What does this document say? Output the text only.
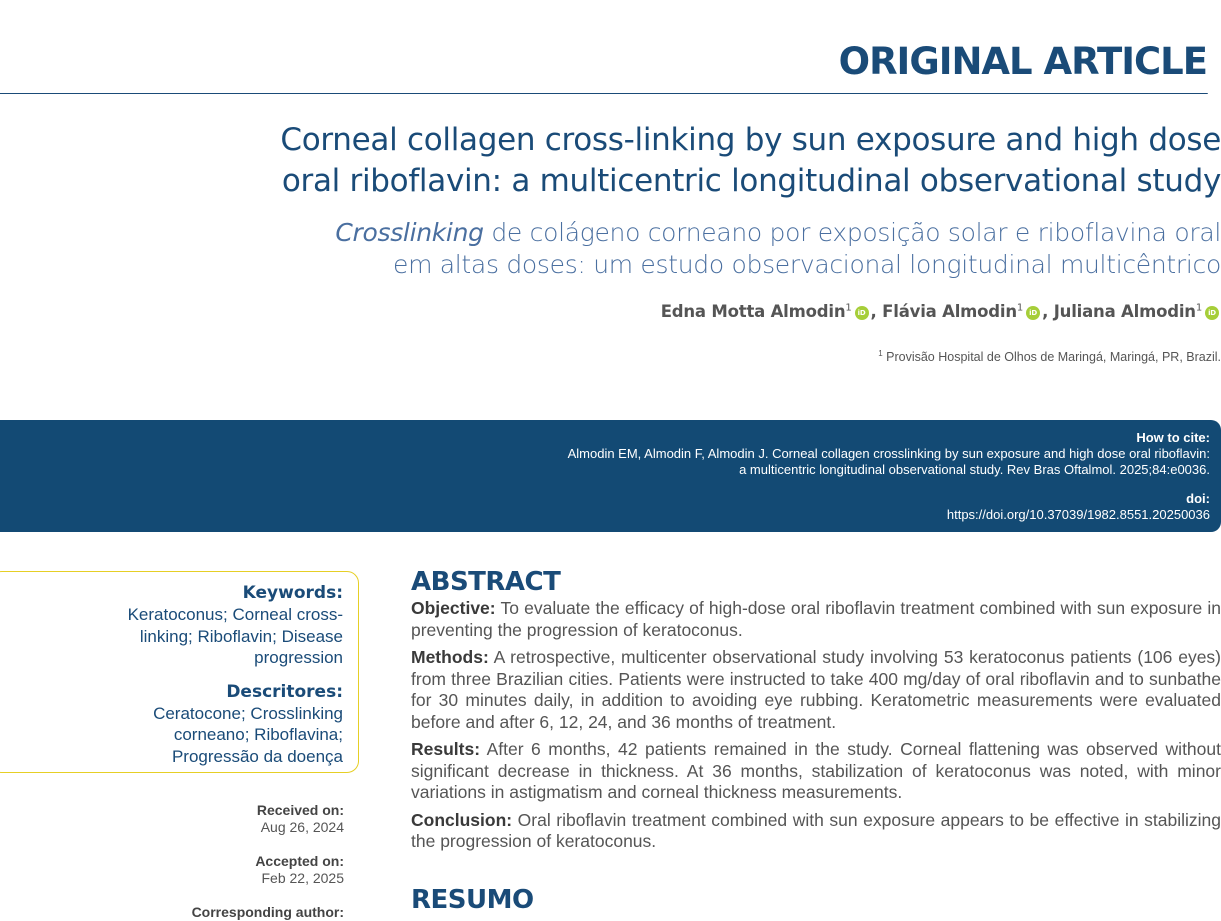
ORIGINAL ARTICLE
Corneal collagen cross-linking by sun exposure and high dose
oral riboflavin: a multicentric longitudinal observational study
Crosslinking de colágeno corneano por exposição solar e riboflavina oral
em altas doses: um estudo observacional longitudinal multicêntrico
Edna Motta Almodin$^1$ iD , Flávia Almodin$^1$ iD , Juliana Almodin$^1$ iD
$^1$ Provisão Hospital de Olhos de Maringá, Maringá, PR, Brazil.
How to cite:
Almodin EM, Almodin F, Almodin J. Corneal collagen crosslinking by sun exposure and high dose oral riboflavin:
a multicentric longitudinal observational study. Rev Bras Oftalmol. 2025;84:e0036.
doi:
https://doi.org/10.37039/1982.8551.20250036
Keywords:
Keratoconus; Corneal cross-linking; Riboflavin; Disease progression
Descritores:
Ceratocone; Crosslinking corneano; Riboflavina; Progressão da doença
Received on:
Aug 26, 2024
Accepted on:
Feb 22, 2025
Corresponding author:
ABSTRACT

Objective: To evaluate the efficacy of high-dose oral riboflavin treatment combined with sun exposure in preventing the progression of keratoconus.

Methods: A retrospective, multicenter observational study involving 53 keratoconus patients (106 eyes) from three Brazilian cities. Patients were instructed to take 400 mg/day of oral riboflavin and to sunbathe for 30 minutes daily, in addition to avoiding eye rubbing. Keratometric measurements were evaluated before and after 6, 12, 24, and 36 months of treatment.

Results: After 6 months, 42 patients remained in the study. Corneal flattening was observed without significant decrease in thickness. At 36 months, stabilization of keratoconus was noted, with minor variations in astigmatism and corneal thickness measurements.

Conclusion: Oral riboflavin treatment combined with sun exposure appears to be effective in stabilizing the progression of keratoconus.

RESUMO
